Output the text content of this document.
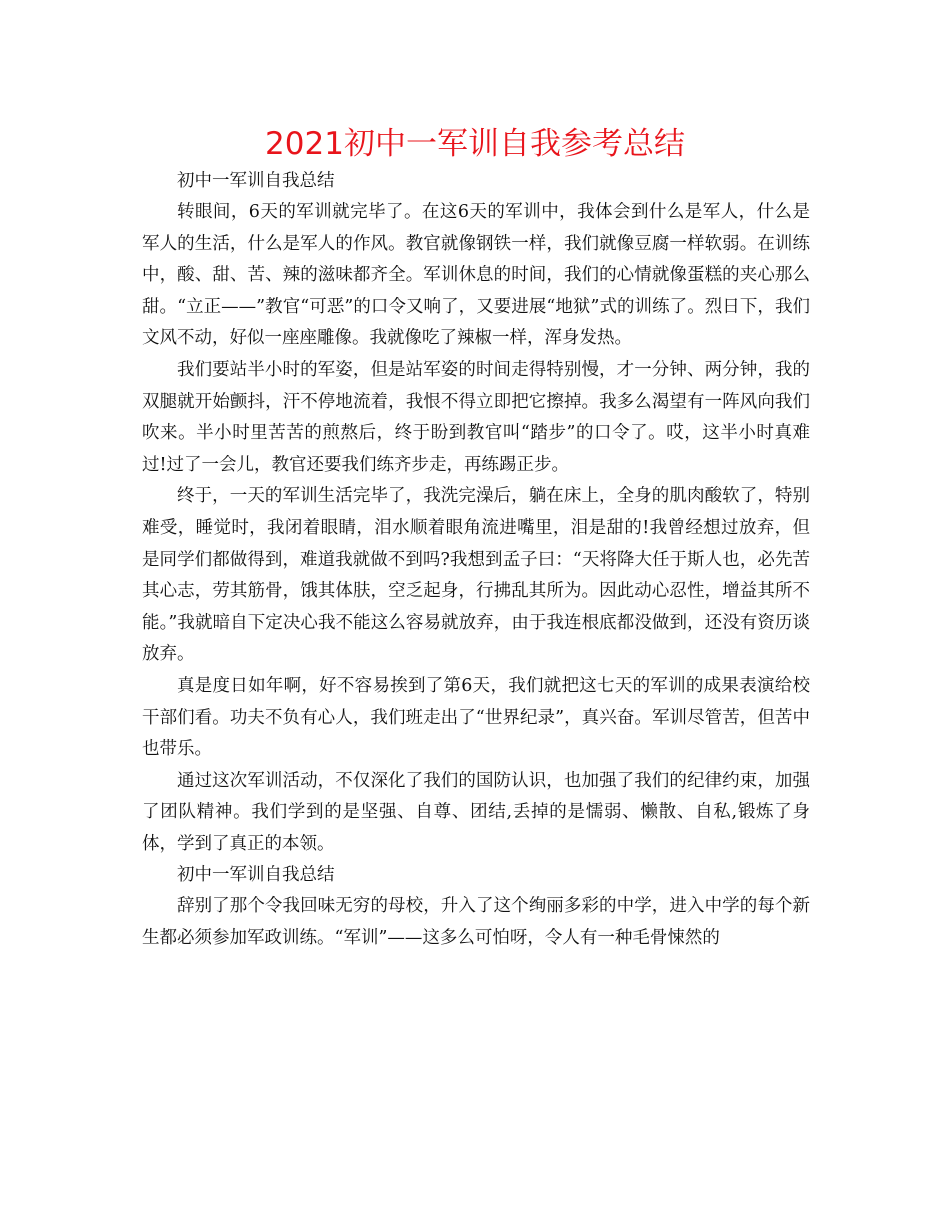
2021初中一军训自我参考总结
初中一军训自我总结

转眼间，6天的军训就完毕了。在这6天的军训中，我体会到什么是军人，什么是军人的生活，什么是军人的作风。教官就像钢铁一样，我们就像豆腐一样软弱。在训练中，酸、甜、苦、辣的滋味都齐全。军训休息的时间，我们的心情就像蛋糕的夹心那么甜。“立正——”教官“可恶”的口令又响了，又要进展“地狱”式的训练了。烈日下，我们文风不动，好似一座座雕像。我就像吃了辣椒一样，浑身发热。

我们要站半小时的军姿，但是站军姿的时间走得特别慢，才一分钟、两分钟，我的双腿就开始颤抖，汗不停地流着，我恨不得立即把它擦掉。我多么渴望有一阵风向我们吹来。半小时里苦苦的煎熬后，终于盼到教官叫“踏步”的口令了。哎，这半小时真难过!过了一会儿，教官还要我们练齐步走，再练踢正步。

终于，一天的军训生活完毕了，我洗完澡后，躺在床上，全身的肌肉酸软了，特别难受，睡觉时，我闭着眼睛，泪水顺着眼角流进嘴里，泪是甜的!我曾经想过放弃，但是同学们都做得到，难道我就做不到吗?我想到孟子曰：“天将降大任于斯人也，必先苦其心志，劳其筋骨，饿其体肤，空乏起身，行拂乱其所为。因此动心忍性，增益其所不能。”我就暗自下定决心我不能这么容易就放弃，由于我连根底都没做到，还没有资历谈放弃。

真是度日如年啊，好不容易挨到了第6天，我们就把这七天的军训的成果表演给校干部们看。功夫不负有心人，我们班走出了“世界纪录”，真兴奋。军训尽管苦，但苦中也带乐。

通过这次军训活动，不仅深化了我们的国防认识，也加强了我们的纪律约束，加强了团队精神。我们学到的是坚强、自尊、团结,丢掉的是懦弱、懒散、自私,锻炼了身体，学到了真正的本领。

初中一军训自我总结

辞别了那个令我回味无穷的母校，升入了这个绚丽多彩的中学，进入中学的每个新生都必须参加军政训练。“军训”——这多么可怕呀，令人有一种毛骨悚然的
